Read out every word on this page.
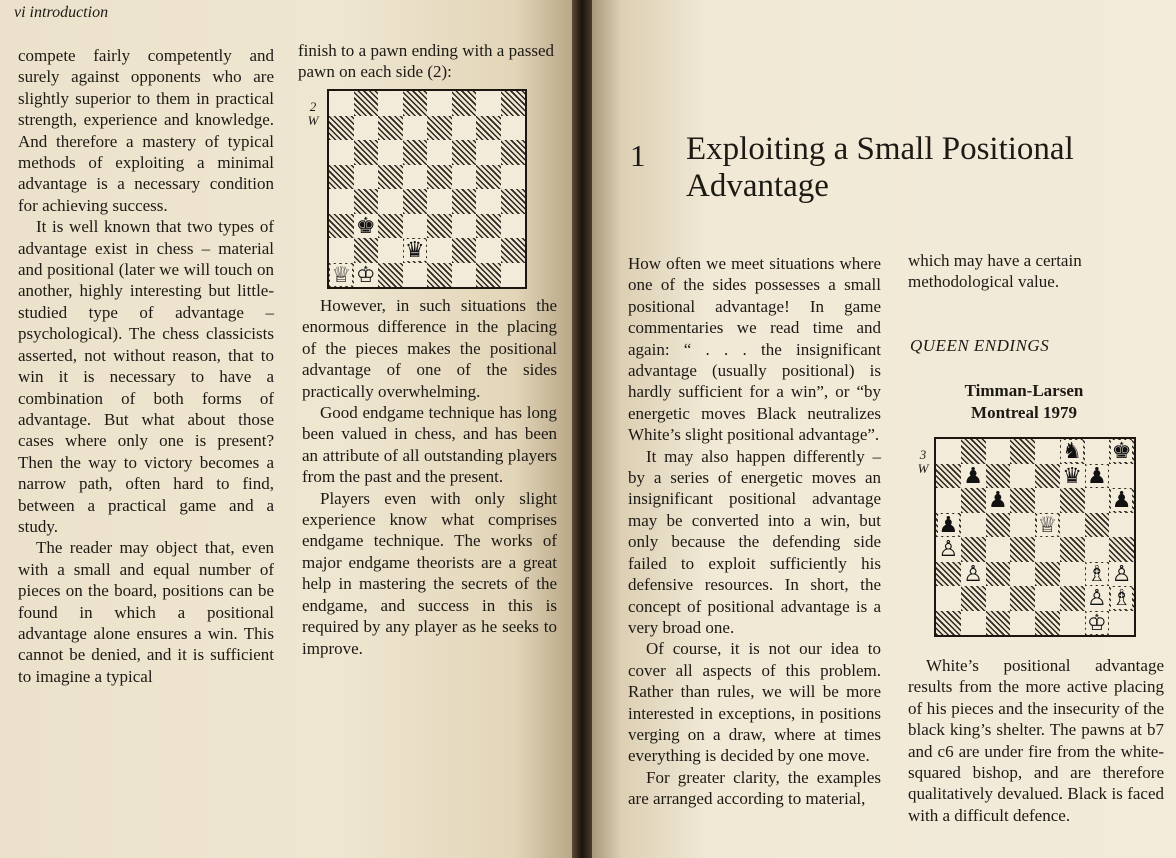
vi introduction

compete fairly competently and surely against opponents who are slightly superior to them in practical strength, experience and knowledge. And therefore a mastery of typical methods of exploiting a minimal advantage is a necessary condition for achieving success.

It is well known that two types of advantage exist in chess – material and positional (later we will touch on another, highly interesting but little-studied type of advantage – psychological). The chess classicists asserted, not without reason, that to win it is necessary to have a combination of both forms of advantage. But what about those cases where only one is present? Then the way to victory becomes a narrow path, often hard to find, between a practical game and a study.

The reader may object that, even with a small and equal number of pieces on the board, positions can be found in which a positional advantage alone ensures a win. This cannot be denied, and it is sufficient to imagine a typical

finish to a pawn ending with a passed pawn on each side (2):

2
W
♚
♛
♕ ♔

However, in such situations the enormous difference in the placing of the pieces makes the positional advantage of one of the sides practically overwhelming.

Good endgame technique has long been valued in chess, and has been an attribute of all outstanding players from the past and the present.

Players even with only slight experience know what comprises endgame technique. The works of major endgame theorists are a great help in mastering the secrets of the endgame, and success in this is required by any player as he seeks to improve.

1 Exploiting a Small Positional Advantage

How often we meet situations where one of the sides possesses a small positional advantage! In game commentaries we read time and again: “ . . . the insignificant advantage (usually positional) is hardly sufficient for a win”, or “by energetic moves Black neutralizes White’s slight positional advantage”.

It may also happen differently – by a series of energetic moves an insignificant positional advantage may be converted into a win, but only because the defending side failed to exploit sufficiently his defensive resources. In short, the concept of positional advantage is a very broad one.

Of course, it is not our idea to cover all aspects of this problem. Rather than rules, we will be more interested in exceptions, in positions verging on a draw, where at times everything is decided by one move.

For greater clarity, the examples are arranged according to material,

which may have a certain methodological value.

QUEEN ENDINGS
Timman-Larsen
Montreal 1979
3
W
♞ ♚
♟	♛ ♟
♟	♟
♟	♕
♙
♙	♗ ♙
♙ ♗
♔

White’s positional advantage results from the more active placing of his pieces and the insecurity of the black king’s shelter. The pawns at b7 and c6 are under fire from the white-squared bishop, and are therefore qualitatively devalued. Black is faced with a difficult defence.
